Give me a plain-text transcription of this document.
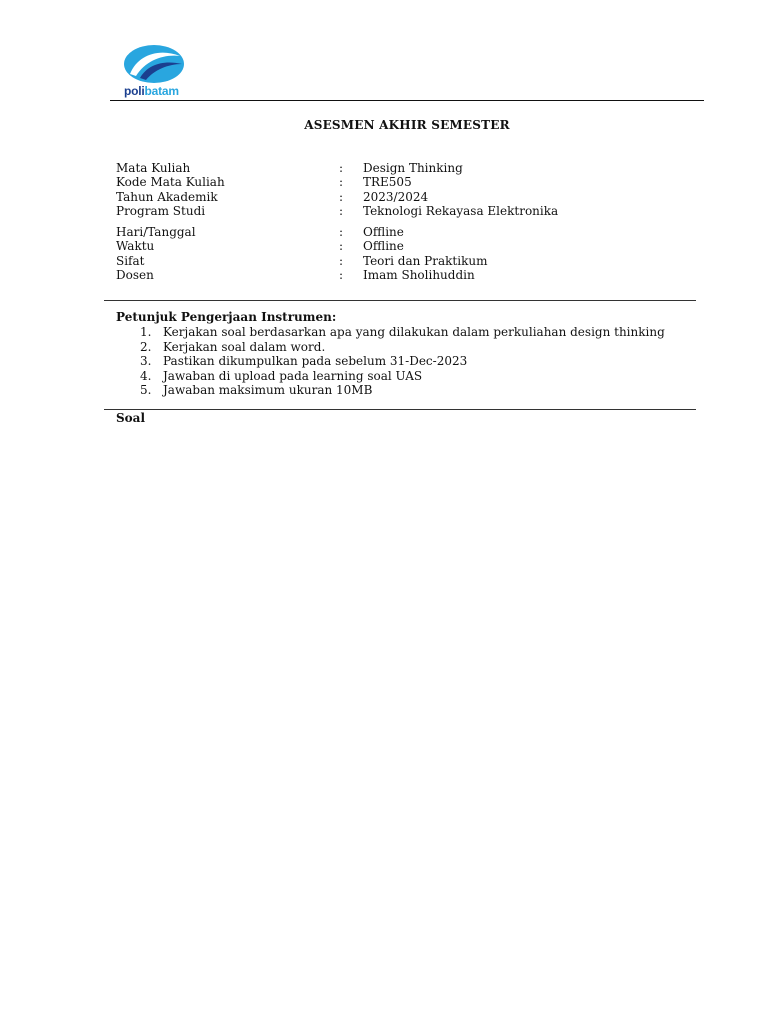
polibatam
ASESMEN AKHIR SEMESTER
Mata Kuliah	: Design Thinking
Kode Mata Kuliah	: TRE505
Tahun Akademik	: 2023/2024
Program Studi	: Teknologi Rekayasa Elektronika
Hari/Tanggal	: Offline
Waktu	: Offline
Sifat	: Teori dan Praktikum
Dosen	: Imam Sholihuddin
Petunjuk Pengerjaan Instrumen:
1. Kerjakan soal berdasarkan apa yang dilakukan dalam perkuliahan design thinking
2. Kerjakan soal dalam word.
3. Pastikan dikumpulkan pada sebelum 31-Dec-2023
4. Jawaban di upload pada learning soal UAS
5. Jawaban maksimum ukuran 10MB
Soal
